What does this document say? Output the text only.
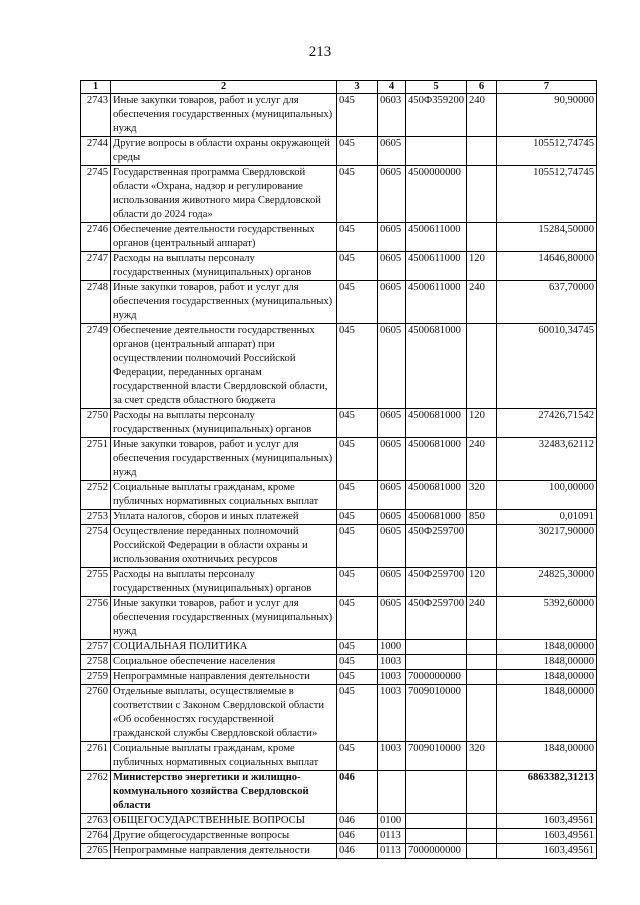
213
1	2	3	4	5	6	7
2743	Иные закупки товаров, работ и услуг для обеспечения государственных (муниципальных) нужд	045	0603	450Ф359200	240	90,90000
2744	Другие вопросы в области охраны окружающей среды	045	0605			105512,74745
2745	Государственная программа Свердловской области «Охрана, надзор и регулирование использования животного мира Свердловской области до 2024 года»	045	0605	4500000000		105512,74745
2746	Обеспечение деятельности государственных органов (центральный аппарат)	045	0605	4500611000		15284,50000
2747	Расходы на выплаты персоналу государственных (муниципальных) органов	045	0605	4500611000	120	14646,80000
2748	Иные закупки товаров, работ и услуг для обеспечения государственных (муниципальных) нужд	045	0605	4500611000	240	637,70000
2749	Обеспечение деятельности государственных органов (центральный аппарат) при осуществлении полномочий Российской Федерации, переданных органам государственной власти Свердловской области, за счет средств областного бюджета	045	0605	4500681000		60010,34745
2750	Расходы на выплаты персоналу государственных (муниципальных) органов	045	0605	4500681000	120	27426,71542
2751	Иные закупки товаров, работ и услуг для обеспечения государственных (муниципальных) нужд	045	0605	4500681000	240	32483,62112
2752	Социальные выплаты гражданам, кроме публичных нормативных социальных выплат	045	0605	4500681000	320	100,00000
2753	Уплата налогов, сборов и иных платежей	045	0605	4500681000	850	0,01091
2754	Осуществление переданных полномочий Российской Федерации в области охраны и использования охотничьих ресурсов	045	0605	450Ф259700		30217,90000
2755	Расходы на выплаты персоналу государственных (муниципальных) органов	045	0605	450Ф259700	120	24825,30000
2756	Иные закупки товаров, работ и услуг для обеспечения государственных (муниципальных) нужд	045	0605	450Ф259700	240	5392,60000
2757	СОЦИАЛЬНАЯ ПОЛИТИКА	045	1000			1848,00000
2758	Социальное обеспечение населения	045	1003			1848,00000
2759	Непрограммные направления деятельности	045	1003	7000000000		1848,00000
2760	Отдельные выплаты, осуществляемые в соответствии с Законом Свердловской области «Об особенностях государственной гражданской службы Свердловской области»	045	1003	7009010000		1848,00000
2761	Социальные выплаты гражданам, кроме публичных нормативных социальных выплат	045	1003	7009010000	320	1848,00000
2762	Министерство энергетики и жилищно-коммунального хозяйства Свердловской области	046				6863382,31213
2763	ОБЩЕГОСУДАРСТВЕННЫЕ ВОПРОСЫ	046	0100			1603,49561
2764	Другие общегосударственные вопросы	046	0113			1603,49561
2765	Непрограммные направления деятельности	046	0113	7000000000		1603,49561
